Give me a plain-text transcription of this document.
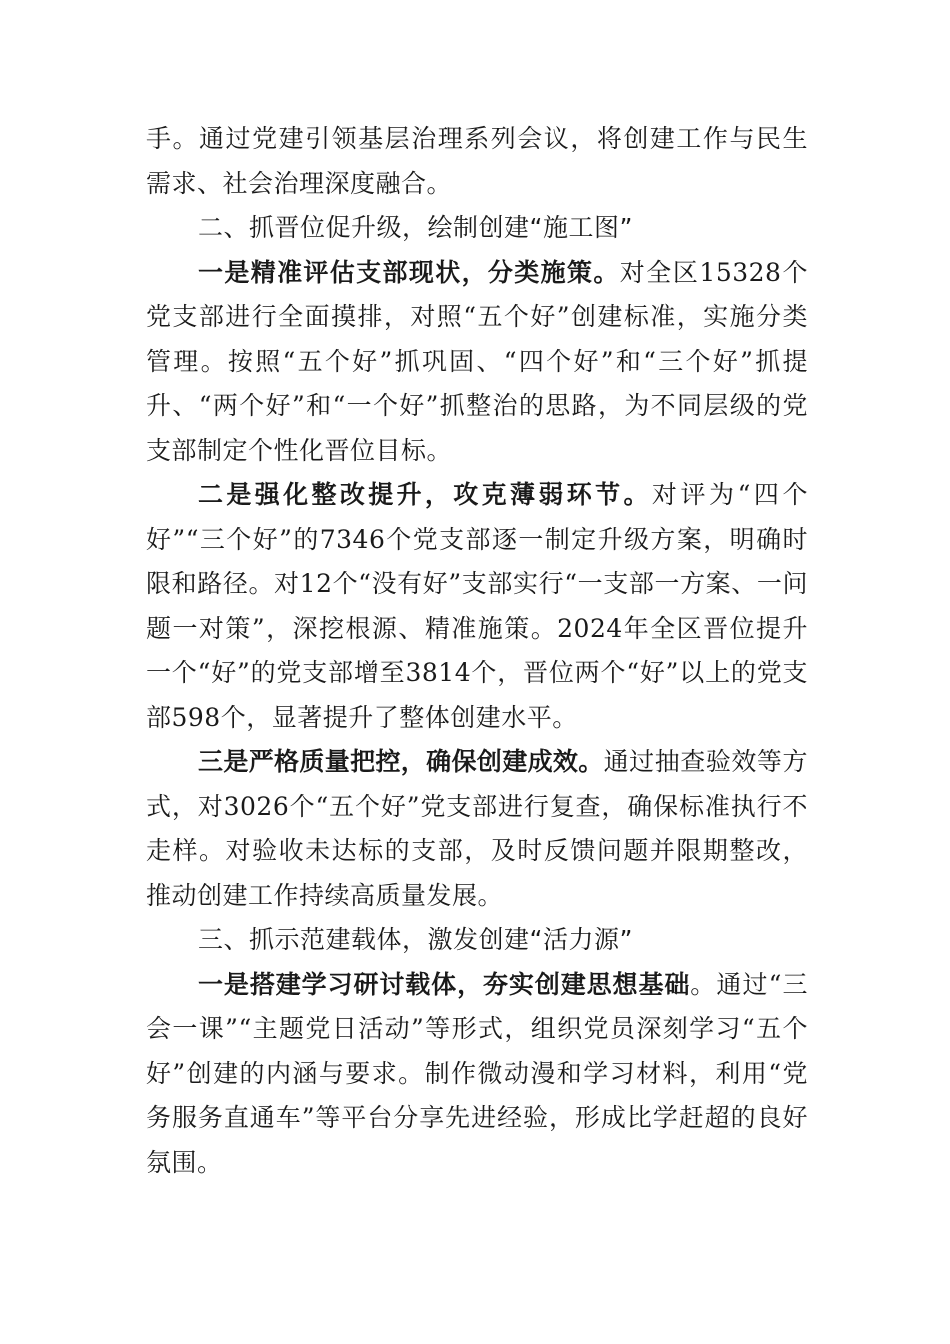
手。通过党建引领基层治理系列会议，将创建工作与民生需求、社会治理深度融合。

二、抓晋位促升级，绘制创建“施工图”

一是精准评估支部现状，分类施策。对全区15328个党支部进行全面摸排，对照“五个好”创建标准，实施分类管理。按照“五个好”抓巩固、“四个好”和“三个好”抓提升、“两个好”和“一个好”抓整治的思路，为不同层级的党支部制定个性化晋位目标。

二是强化整改提升，攻克薄弱环节。对评为“四个好”“三个好”的7346个党支部逐一制定升级方案，明确时限和路径。对12个“没有好”支部实行“一支部一方案、一问题一对策”，深挖根源、精准施策。2024年全区晋位提升一个“好”的党支部增至3814个，晋位两个“好”以上的党支部598个，显著提升了整体创建水平。

三是严格质量把控，确保创建成效。通过抽查验效等方式，对3026个“五个好”党支部进行复查，确保标准执行不走样。对验收未达标的支部，及时反馈问题并限期整改，推动创建工作持续高质量发展。

三、抓示范建载体，激发创建“活力源”

一是搭建学习研讨载体，夯实创建思想基础。通过“三会一课”“主题党日活动”等形式，组织党员深刻学习“五个好”创建的内涵与要求。制作微动漫和学习材料，利用“党务服务直通车”等平台分享先进经验，形成比学赶超的良好氛围。
